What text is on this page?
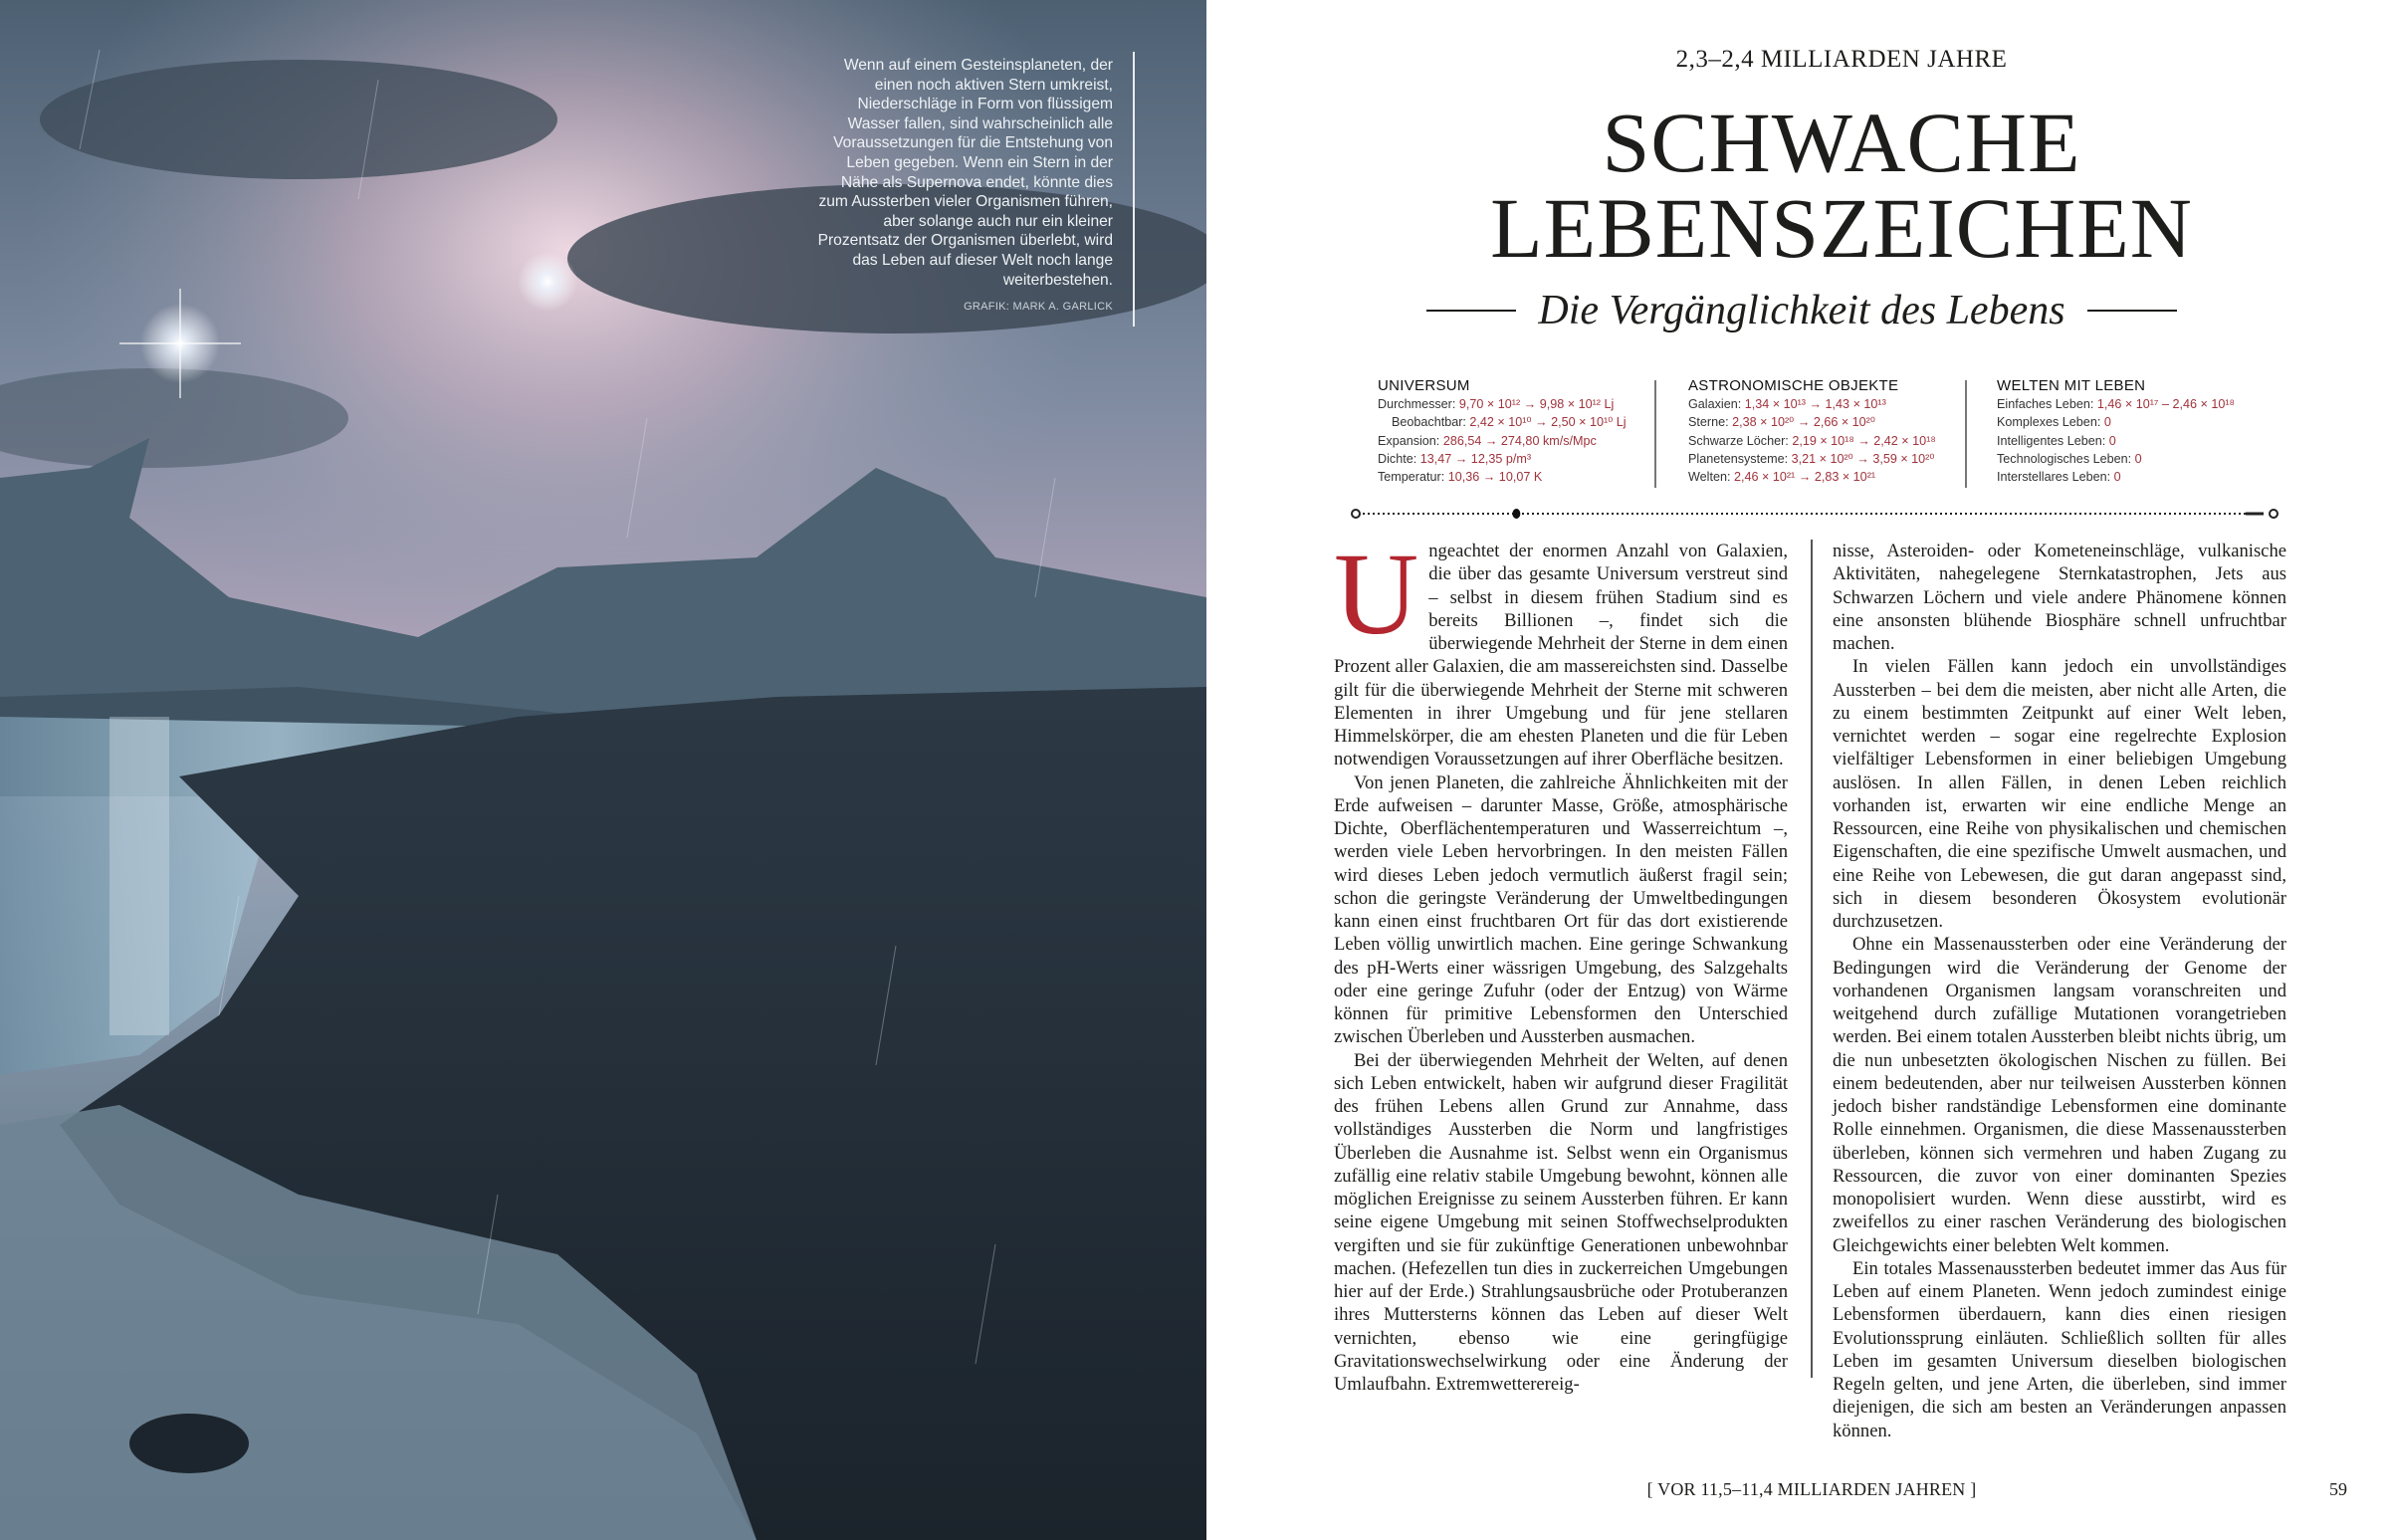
Wenn auf einem Gesteinsplaneten, der einen noch aktiven Stern umkreist, Niederschläge in Form von flüssigem Wasser fallen, sind wahrscheinlich alle Voraussetzungen für die Entstehung von Leben gegeben. Wenn ein Stern in der Nähe als Supernova endet, könnte dies zum Aussterben vieler Organismen führen, aber solange auch nur ein kleiner Prozentsatz der Organismen überlebt, wird das Leben auf dieser Welt noch lange weiterbestehen.
GRAFIK: MARK A. GARLICK
2,3–2,4 MILLIARDEN JAHRE
SCHWACHE
LEBENSZEICHEN
Die Vergänglichkeit des Lebens
UNIVERSUM
Durchmesser: 9,70 × 10¹² → 9,98 × 10¹² Lj
Beobachtbar: 2,42 × 10¹⁰ → 2,50 × 10¹⁰ Lj
Expansion: 286,54 → 274,80 km/s/Mpc
Dichte: 13,47 → 12,35 p/m³
Temperatur: 10,36 → 10,07 K
ASTRONOMISCHE OBJEKTE
Galaxien: 1,34 × 10¹³ → 1,43 × 10¹³
Sterne: 2,38 × 10²⁰ → 2,66 × 10²⁰
Schwarze Löcher: 2,19 × 10¹⁸ → 2,42 × 10¹⁸
Planetensysteme: 3,21 × 10²⁰ → 3,59 × 10²⁰
Welten: 2,46 × 10²¹ → 2,83 × 10²¹
WELTEN MIT LEBEN
Einfaches Leben: 1,46 × 10¹⁷ – 2,46 × 10¹⁸
Komplexes Leben: 0
Intelligentes Leben: 0
Technologisches Leben: 0
Interstellares Leben: 0

Ungeachtet der enormen Anzahl von Galaxien, die über das gesamte Universum verstreut sind – selbst in diesem frühen Stadium sind es bereits Billionen –, findet sich die überwiegende Mehrheit der Sterne in dem einen Prozent aller Galaxien, die am massereichsten sind. Dasselbe gilt für die überwiegende Mehrheit der Sterne mit schweren Elementen in ihrer Umgebung und für jene stellaren Himmelskörper, die am ehesten Planeten und die für Leben notwendigen Voraussetzungen auf ihrer Oberfläche besitzen.

Von jenen Planeten, die zahlreiche Ähnlichkeiten mit der Erde aufweisen – darunter Masse, Größe, atmosphärische Dichte, Oberflächentemperaturen und Wasserreichtum –, werden viele Leben hervorbringen. In den meisten Fällen wird dieses Leben jedoch vermutlich äußerst fragil sein; schon die geringste Veränderung der Umweltbedingungen kann einen einst fruchtbaren Ort für das dort existierende Leben völlig unwirtlich machen. Eine geringe Schwankung des pH-Werts einer wässrigen Umgebung, des Salzgehalts oder eine geringe Zufuhr (oder der Entzug) von Wärme können für primitive Lebensformen den Unterschied zwischen Überleben und Aussterben ausmachen.

Bei der überwiegenden Mehrheit der Welten, auf denen sich Leben entwickelt, haben wir aufgrund dieser Fragilität des frühen Lebens allen Grund zur Annahme, dass vollständiges Aussterben die Norm und langfristiges Überleben die Ausnahme ist. Selbst wenn ein Organismus zufällig eine relativ stabile Umgebung bewohnt, können alle möglichen Ereignisse zu seinem Aussterben führen. Er kann seine eigene Umgebung mit seinen Stoffwechselprodukten vergiften und sie für zukünftige Generationen unbewohnbar machen. (Hefezellen tun dies in zuckerreichen Umgebungen hier auf der Erde.) Strahlungsausbrüche oder Protuberanzen ihres Muttersterns können das Leben auf dieser Welt vernichten, ebenso wie eine geringfügige Gravitationswechselwirkung oder eine Änderung der Umlaufbahn. Extremwetterereig-

nisse, Asteroiden- oder Kometeneinschläge, vulkanische Aktivitäten, nahegelegene Sternkatastrophen, Jets aus Schwarzen Löchern und viele andere Phänomene können eine ansonsten blühende Biosphäre schnell unfruchtbar machen.

In vielen Fällen kann jedoch ein unvollständiges Aussterben – bei dem die meisten, aber nicht alle Arten, die zu einem bestimmten Zeitpunkt auf einer Welt leben, vernichtet werden – sogar eine regelrechte Explosion vielfältiger Lebensformen in einer beliebigen Umgebung auslösen. In allen Fällen, in denen Leben reichlich vorhanden ist, erwarten wir eine endliche Menge an Ressourcen, eine Reihe von physikalischen und chemischen Eigenschaften, die eine spezifische Umwelt ausmachen, und eine Reihe von Lebewesen, die gut daran angepasst sind, sich in diesem besonderen Ökosystem evolutionär durchzusetzen.

Ohne ein Massenaussterben oder eine Veränderung der Bedingungen wird die Veränderung der Genome der vorhandenen Organismen langsam voranschreiten und weitgehend durch zufällige Mutationen vorangetrieben werden. Bei einem totalen Aussterben bleibt nichts übrig, um die nun unbesetzten ökologischen Nischen zu füllen. Bei einem bedeutenden, aber nur teilweisen Aussterben können jedoch bisher randständige Lebensformen eine dominante Rolle einnehmen. Organismen, die diese Massenaussterben überleben, können sich vermehren und haben Zugang zu Ressourcen, die zuvor von einer dominanten Spezies monopolisiert wurden. Wenn diese ausstirbt, wird es zweifellos zu einer raschen Veränderung des biologischen Gleichgewichts einer belebten Welt kommen.

Ein totales Massenaussterben bedeutet immer das Aus für Leben auf einem Planeten. Wenn jedoch zumindest einige Lebensformen überdauern, kann dies einen riesigen Evolutionssprung einläuten. Schließlich sollten für alles Leben im gesamten Universum dieselben biologischen Regeln gelten, und jene Arten, die überleben, sind immer diejenigen, die sich am besten an Veränderungen anpassen können.

[ VOR 11,5–11,4 MILLIARDEN JAHREN ]	59
